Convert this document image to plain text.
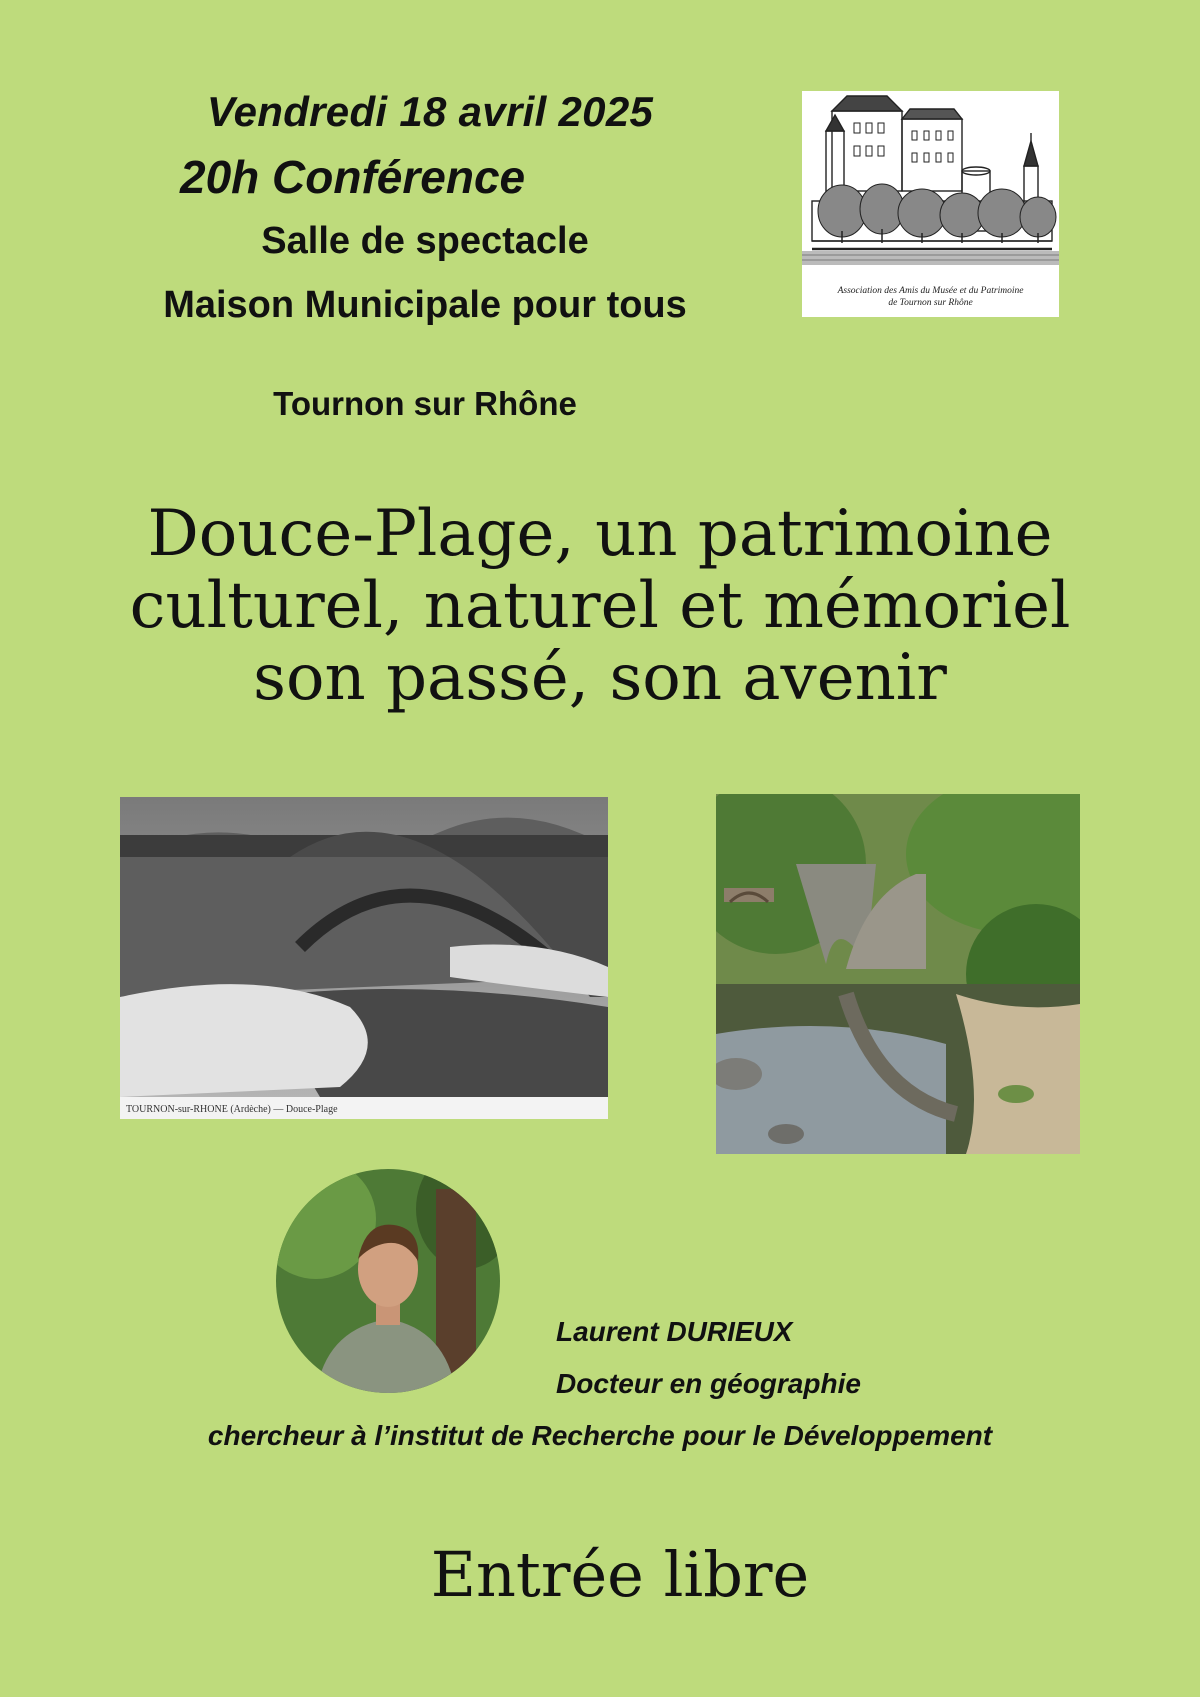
Vendredi 18 avril 2025
20h Conférence
Salle de spectacle
Maison Municipale pour tous
Tournon sur Rhône
Association des Amis du Musée et du Patrimoine
de Tournon sur Rhône
Douce-Plage, un patrimoine
culturel, naturel et mémoriel
son passé, son avenir
TOURNON-sur-RHONE (Ardèche) — Douce-Plage
Laurent DURIEUX
Docteur en géographie
chercheur à l’institut de Recherche pour le Développement
Entrée libre
